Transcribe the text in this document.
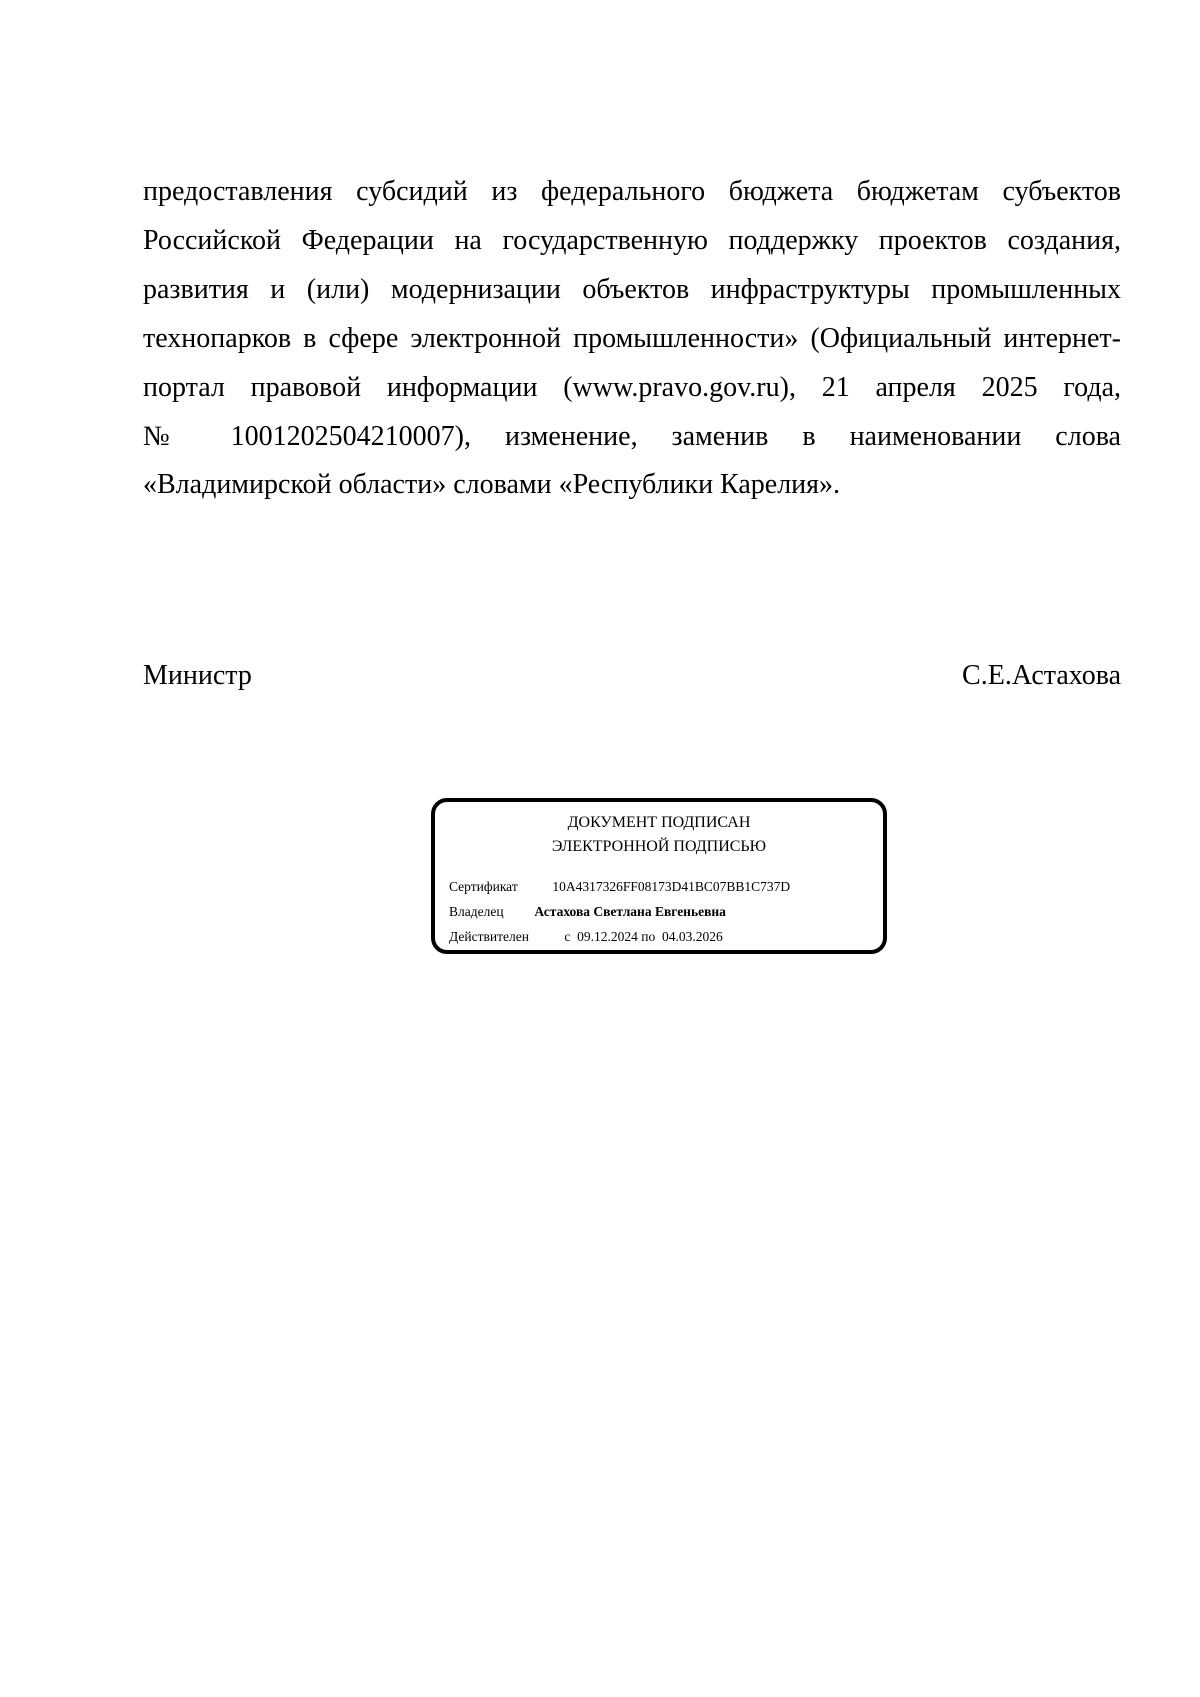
предоставления субсидий из федерального бюджета бюджетам субъектов
Российской Федерации на государственную поддержку проектов создания,
развития и (или) модернизации объектов инфраструктуры промышленных
технопарков в сфере электронной промышленности» (Официальный интернет-
портал правовой информации (www.pravo.gov.ru), 21 апреля 2025 года,
№ 1001202504210007), изменение, заменив в наименовании слова
«Владимирской области» словами «Республики Карелия».
Министр	С.Е.Астахова
ДОКУМЕНТ ПОДПИСАН
ЭЛЕКТРОННОЙ ПОДПИСЬЮ
Сертификат	10A4317326FF08173D41BC07BB1C737D
Владелец Астахова Светлана Евгеньевна
Действителен	с  09.12.2024 по  04.03.2026
